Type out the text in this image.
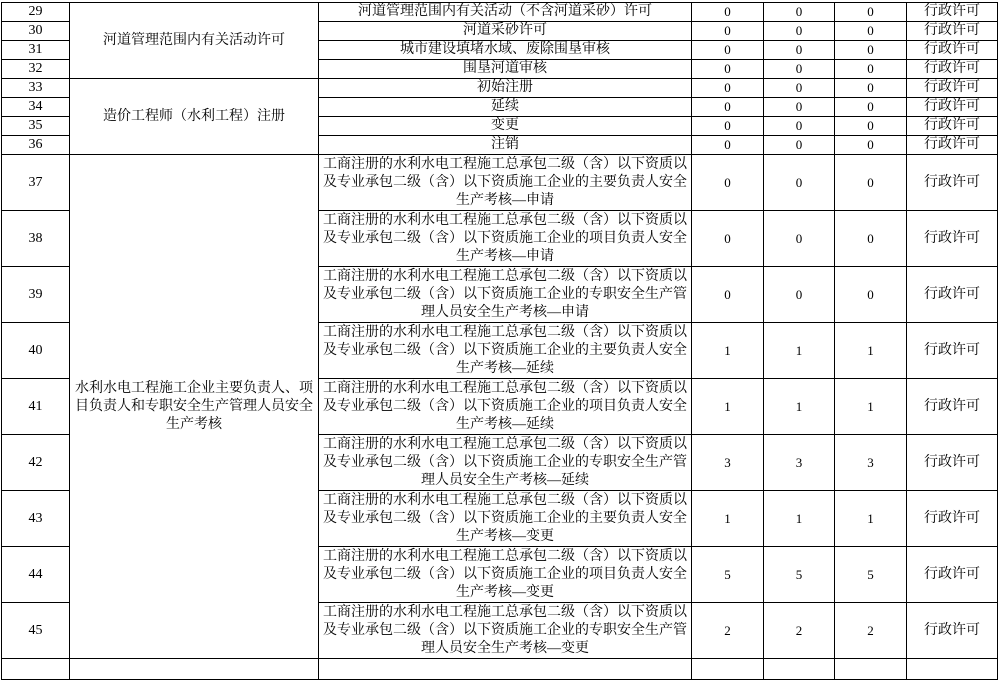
29	河道管理范围内有关活动许可	河道管理范围内有关活动（不含河道采砂）许可	0	0	0	行政许可
30		河道采砂许可	0	0	0	行政许可
31		城市建设填堵水域、废除围垦审核	0	0	0	行政许可
32		围垦河道审核	0	0	0	行政许可
33	造价工程师（水利工程）注册	初始注册	0	0	0	行政许可
34		延续	0	0	0	行政许可
35		变更	0	0	0	行政许可
36		注销	0	0	0	行政许可
37	水利水电工程施工企业主要负责人、项目负责人和专职安全生产管理人员安全生产考核	工商注册的水利水电工程施工总承包二级（含）以下资质以及专业承包二级（含）以下资质施工企业的主要负责人安全生产考核—申请	0	0	0	行政许可
38		工商注册的水利水电工程施工总承包二级（含）以下资质以及专业承包二级（含）以下资质施工企业的项目负责人安全生产考核—申请	0	0	0	行政许可
39		工商注册的水利水电工程施工总承包二级（含）以下资质以及专业承包二级（含）以下资质施工企业的专职安全生产管理人员安全生产考核—申请	0	0	0	行政许可
40		工商注册的水利水电工程施工总承包二级（含）以下资质以及专业承包二级（含）以下资质施工企业的主要负责人安全生产考核—延续	1	1	1	行政许可
41		工商注册的水利水电工程施工总承包二级（含）以下资质以及专业承包二级（含）以下资质施工企业的项目负责人安全生产考核—延续	1	1	1	行政许可
42		工商注册的水利水电工程施工总承包二级（含）以下资质以及专业承包二级（含）以下资质施工企业的专职安全生产管理人员安全生产考核—延续	3	3	3	行政许可
43		工商注册的水利水电工程施工总承包二级（含）以下资质以及专业承包二级（含）以下资质施工企业的主要负责人安全生产考核—变更	1	1	1	行政许可
44		工商注册的水利水电工程施工总承包二级（含）以下资质以及专业承包二级（含）以下资质施工企业的项目负责人安全生产考核—变更	5	5	5	行政许可
45		工商注册的水利水电工程施工总承包二级（含）以下资质以及专业承包二级（含）以下资质施工企业的专职安全生产管理人员安全生产考核—变更	2	2	2	行政许可
